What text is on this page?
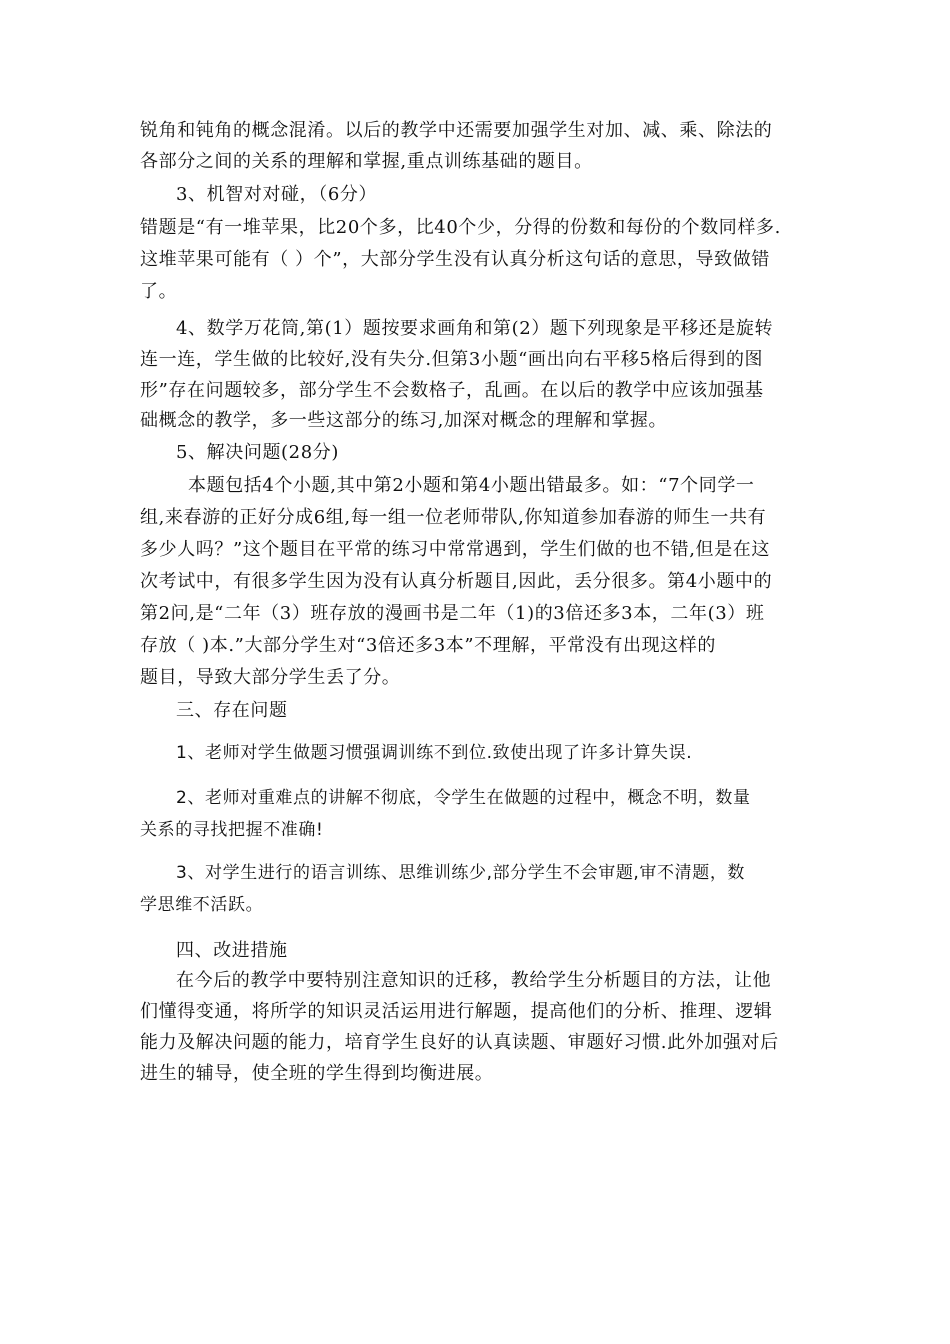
锐角和钝角的概念混淆。以后的教学中还需要加强学生对加、减、乘、除法的
各部分之间的关系的理解和掌握,重点训练基础的题目。
3、机智对对碰，（6分）
错题是“有一堆苹果，比20个多，比40个少，分得的份数和每份的个数同样多.
这堆苹果可能有（ ）个”，大部分学生没有认真分析这句话的意思，导致做错
了。
4、数学万花筒,第(1）题按要求画角和第(2）题下列现象是平移还是旋转
连一连，学生做的比较好,没有失分.但第3小题“画出向右平移5格后得到的图
形”存在问题较多，部分学生不会数格子，乱画。在以后的教学中应该加强基
础概念的教学，多一些这部分的练习,加深对概念的理解和掌握。
5、解决问题(28分)
本题包括4个小题,其中第2小题和第4小题出错最多。如：“7个同学一
组,来春游的正好分成6组,每一组一位老师带队,你知道参加春游的师生一共有
多少人吗？”这个题目在平常的练习中常常遇到，学生们做的也不错,但是在这
次考试中，有很多学生因为没有认真分析题目,因此，丢分很多。第4小题中的
第2问,是“二年（3）班存放的漫画书是二年（1)的3倍还多3本，二年(3）班
存放（ )本.”大部分学生对“3倍还多3本”不理解，平常没有出现这样的
题目，导致大部分学生丢了分。
三、存在问题
1、老师对学生做题习惯强调训练不到位.致使出现了许多计算失误.
2、老师对重难点的讲解不彻底，令学生在做题的过程中，概念不明，数量
关系的寻找把握不准确!
3、对学生进行的语言训练、思维训练少,部分学生不会审题,审不清题，数
学思维不活跃。
四、改进措施
在今后的教学中要特别注意知识的迁移，教给学生分析题目的方法，让他
们懂得变通，将所学的知识灵活运用进行解题，提高他们的分析、推理、逻辑
能力及解决问题的能力，培育学生良好的认真读题、审题好习惯.此外加强对后
进生的辅导，使全班的学生得到均衡进展。
